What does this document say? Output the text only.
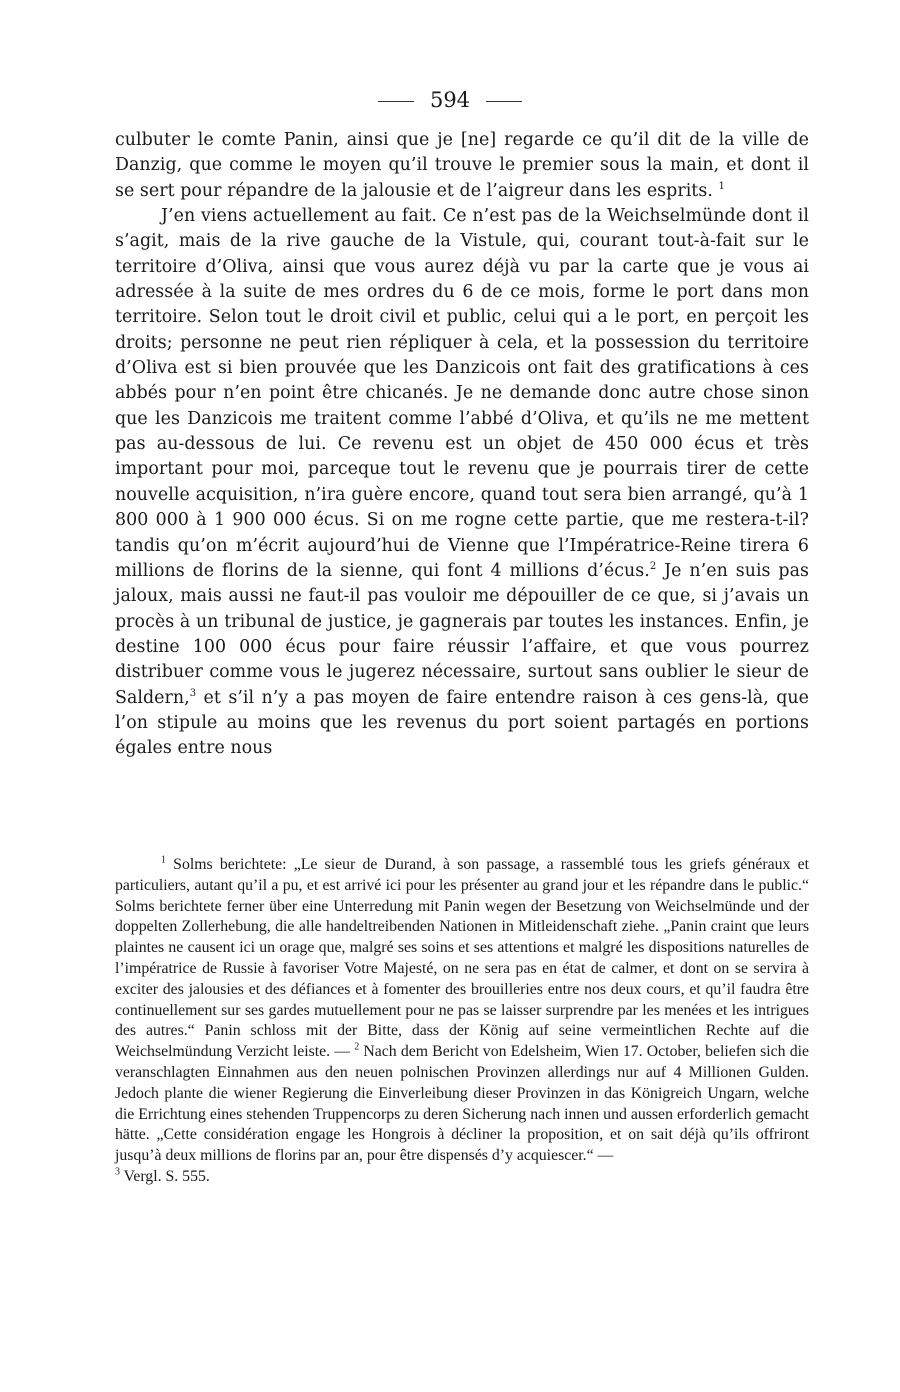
594

culbuter le comte Panin, ainsi que je [ne] regarde ce qu’il dit de la ville de Danzig, que comme le moyen qu’il trouve le premier sous la main, et dont il se sert pour répandre de la jalousie et de l’aigreur dans les esprits. $^1$

J’en viens actuellement au fait. Ce n’est pas de la Weichselmünde dont il s’agit, mais de la rive gauche de la Vistule, qui, courant tout-à-fait sur le territoire d’Oliva, ainsi que vous aurez déjà vu par la carte que je vous ai adressée à la suite de mes ordres du 6 de ce mois, forme le port dans mon territoire. Selon tout le droit civil et public, celui qui a le port, en perçoit les droits; personne ne peut rien répliquer à cela, et la possession du territoire d’Oliva est si bien prouvée que les Danzicois ont fait des gratifications à ces abbés pour n’en point être chicanés. Je ne demande donc autre chose sinon que les Danzicois me traitent comme l’abbé d’Oliva, et qu’ils ne me mettent pas au-dessous de lui. Ce revenu est un objet de 450 000 écus et très important pour moi, parceque tout le revenu que je pourrais tirer de cette nouvelle acquisition, n’ira guère encore, quand tout sera bien arrangé, qu’à 1 800 000 à 1 900 000 écus. Si on me rogne cette partie, que me restera-t-il? tandis qu’on m’écrit aujourd’hui de Vienne que l’Impératrice-Reine tirera 6 millions de florins de la sienne, qui font 4 millions d’écus.$^2$ Je n’en suis pas jaloux, mais aussi ne faut-il pas vouloir me dépouiller de ce que, si j’avais un procès à un tribunal de justice, je gagnerais par toutes les instances. Enfin, je destine 100 000 écus pour faire réussir l’affaire, et que vous pourrez distribuer comme vous le jugerez nécessaire, surtout sans oublier le sieur de Saldern,$^3$ et s’il n’y a pas moyen de faire entendre raison à ces gens-là, que l’on stipule au moins que les revenus du port soient partagés en portions égales entre nous

$^1$ Solms berichtete: „Le sieur de Durand, à son passage, a rassemblé tous les griefs généraux et particuliers, autant qu’il a pu, et est arrivé ici pour les présenter au grand jour et les répandre dans le public.“ Solms berichtete ferner über eine Unterredung mit Panin wegen der Besetzung von Weichselmünde und der doppelten Zollerhebung, die alle handeltreibenden Nationen in Mitleidenschaft ziehe. „Panin craint que leurs plaintes ne causent ici un orage que, malgré ses soins et ses attentions et malgré les dispositions naturelles de l’impératrice de Russie à favoriser Votre Majesté, on ne sera pas en état de calmer, et dont on se servira à exciter des jalousies et des défiances et à fomenter des brouilleries entre nos deux cours, et qu’il faudra être continuellement sur ses gardes mutuellement pour ne pas se laisser surprendre par les menées et les intrigues des autres.“ Panin schloss mit der Bitte, dass der König auf seine vermeintlichen Rechte auf die Weichselmündung Verzicht leiste. — $^2$ Nach dem Bericht von Edelsheim, Wien 17. October, beliefen sich die veranschlagten Einnahmen aus den neuen polnischen Provinzen allerdings nur auf 4 Millionen Gulden. Jedoch plante die wiener Regierung die Einverleibung dieser Provinzen in das Königreich Ungarn, welche die Errichtung eines stehenden Truppencorps zu deren Sicherung nach innen und aussen erforderlich gemacht hätte. „Cette considération engage les Hongrois à décliner la proposition, et on sait déjà qu’ils offriront jusqu’à deux millions de florins par an, pour être dispensés d’y acquiescer.“ —

$^3$ Vergl. S. 555.
